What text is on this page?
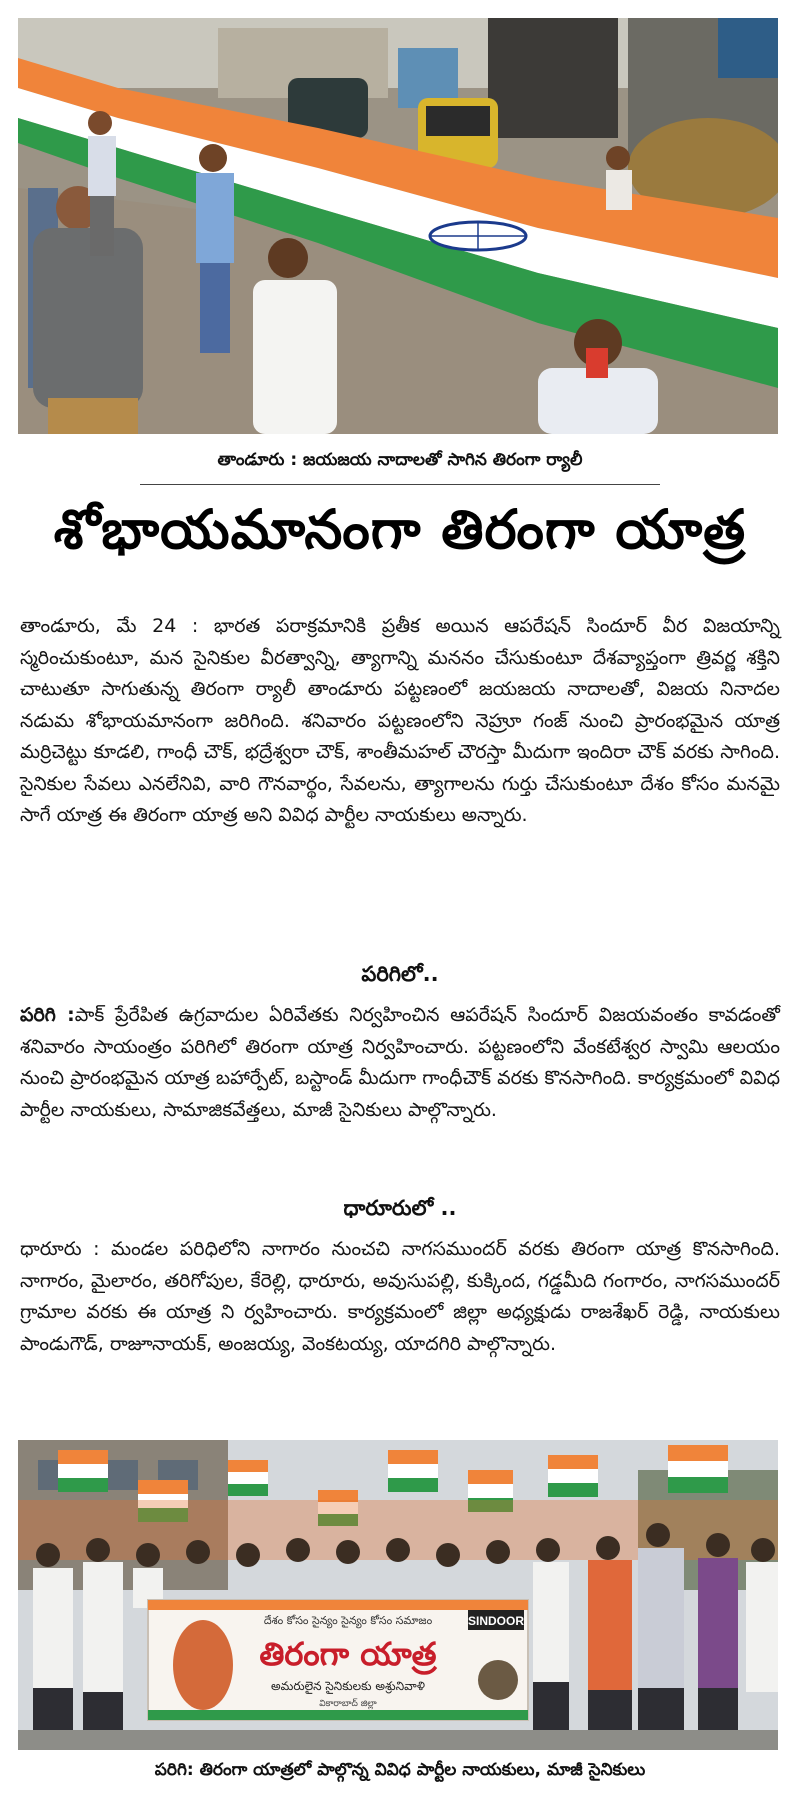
తాండూరు : జయజయ నాదాలతో సాగిన తిరంగా ర్యాలీ
శోభాయమానంగా తిరంగా యాత్ర
తాండూరు, మే 24 : భారత పరాక్రమానికి ప్రతీక అయిన ఆపరేషన్ సిందూర్ వీర విజయాన్ని స్మరించుకుంటూ, మన సైనికుల వీరత్వాన్ని, త్యాగాన్ని మననం చేసుకుంటూ దేశవ్యాప్తంగా త్రివర్ణ శక్తిని చాటుతూ సాగుతున్న తిరంగా ర్యాలీ తాండూరు పట్టణంలో జయజయ నాదాలతో, విజయ నినాదల నడుమ శోభాయమానంగా జరిగింది. శనివారం పట్టణంలోని నెహ్రూ గంజ్ నుంచి ప్రారంభమైన యాత్ర మర్రిచెట్టు కూడలి, గాంధీ చౌక్, భద్రేశ్వరా చౌక్, శాంతీమహల్ చౌరస్తా మీదుగా ఇందిరా చౌక్ వరకు సాగింది. సైనికుల సేవలు ఎనలేనివి, వారి గౌనవార్థం, సేవలను, త్యాగాలను గుర్తు చేసుకుంటూ దేశం కోసం మనమై సాగే యాత్ర ఈ తిరంగా యాత్ర అని వివిధ పార్టీల నాయకులు అన్నారు.
పరిగిలో..
పరిగి :పాక్ ప్రేరేపిత ఉగ్రవాదుల ఏరివేతకు నిర్వహించిన ఆపరేషన్ సిందూర్ విజయవంతం కావడంతో శనివారం సాయంత్రం పరిగిలో తిరంగా యాత్ర నిర్వహించారు. పట్టణంలోని వేంకటేశ్వర స్వామి ఆలయం నుంచి ప్రారంభమైన యాత్ర బహార్పేట్, బస్టాండ్ మీదుగా గాంధీచౌక్ వరకు కొనసాగింది. కార్యక్రమంలో వివిధ పార్టీల నాయకులు, సామాజికవేత్తలు, మాజీ సైనికులు పాల్గొన్నారు.
ధారూరులో ..
ధారూరు : మండల పరిధిలోని నాగారం నుంచచి నాగసముందర్ వరకు తిరంగా యాత్ర కొనసాగింది. నాగారం, మైలారం, తరిగోపుల, కేరెల్లి, ధారూరు, అవుసుపల్లి, కుక్కింద, గడ్డమీది గంగారం, నాగసముందర్ గ్రామాల వరకు ఈ యాత్ర ని ర్వహించారు. కార్యక్రమంలో జిల్లా అధ్యక్షుడు రాజశేఖర్ రెడ్డి, నాయకులు పాండుగౌడ్, రాజూనాయక్, అంజయ్య, వెంకటయ్య, యాదగిరి పాల్గొన్నారు.
SINDOOR
దేశం కోసం సైన్యం సైన్యం కోసం సమాజం
తిరంగా యాత్ర
అమరులైన సైనికులకు అశ్రునివాళి
వికారాబాద్ జిల్లా
పరిగి: తిరంగా యాత్రలో పాల్గొన్న వివిధ పార్టీల నాయకులు, మాజీ సైనికులు
